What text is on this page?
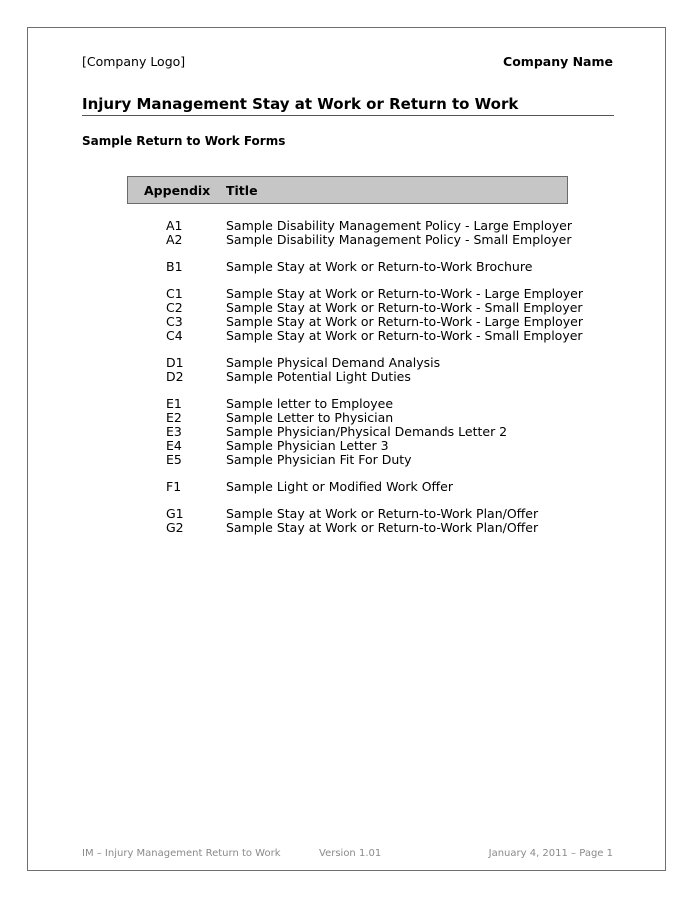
[Company Logo]	Company Name
Injury Management Stay at Work or Return to Work
Sample Return to Work Forms
Appendix Title
A1	Sample Disability Management Policy - Large Employer
A2	Sample Disability Management Policy - Small Employer
B1	Sample Stay at Work or Return-to-Work Brochure
C1	Sample Stay at Work or Return-to-Work - Large Employer
C2	Sample Stay at Work or Return-to-Work - Small Employer
C3	Sample Stay at Work or Return-to-Work - Large Employer
C4	Sample Stay at Work or Return-to-Work - Small Employer
D1	Sample Physical Demand Analysis
D2	Sample Potential Light Duties
E1	Sample letter to Employee
E2	Sample Letter to Physician
E3	Sample Physician/Physical Demands Letter 2
E4	Sample Physician Letter 3
E5	Sample Physician Fit For Duty
F1	Sample Light or Modified Work Offer
G1	Sample Stay at Work or Return-to-Work Plan/Offer
G2	Sample Stay at Work or Return-to-Work Plan/Offer
IM – Injury Management Return to Work	Version 1.01	January 4, 2011 – Page 1
